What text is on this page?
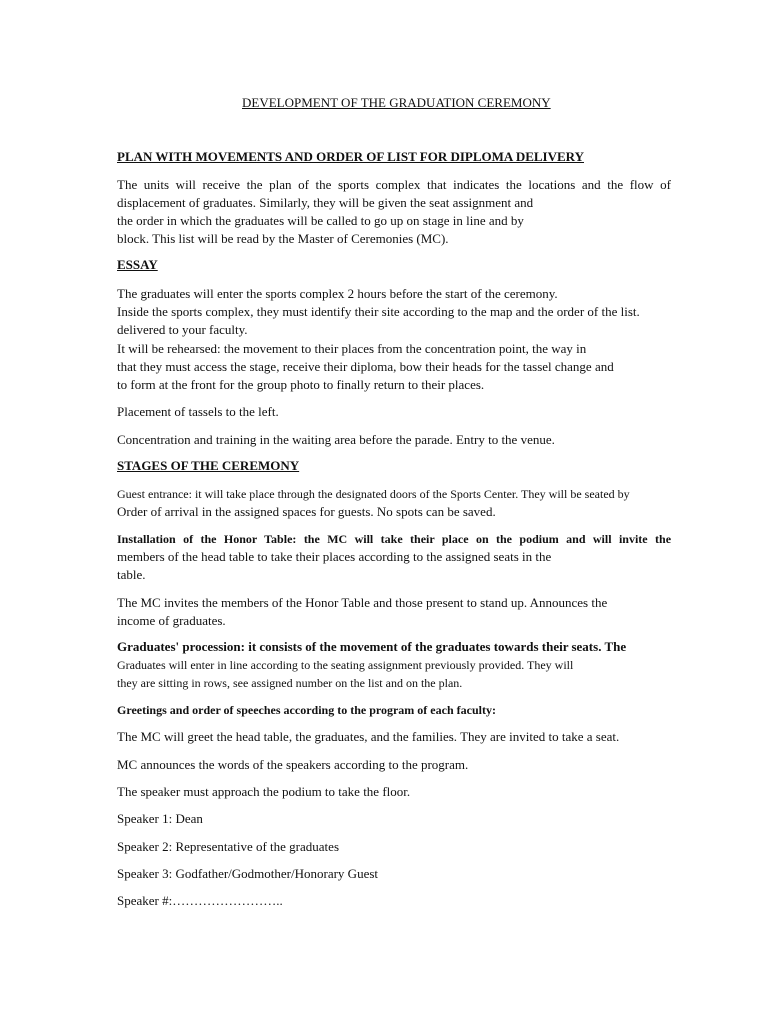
DEVELOPMENT OF THE GRADUATION CEREMONY
PLAN WITH MOVEMENTS AND ORDER OF LIST FOR DIPLOMA DELIVERY
The units will receive the plan of the sports complex that indicates the locations and the flow of
displacement of graduates. Similarly, they will be given the seat assignment and
the order in which the graduates will be called to go up on stage in line and by
block. This list will be read by the Master of Ceremonies (MC).
ESSAY
The graduates will enter the sports complex 2 hours before the start of the ceremony.
Inside the sports complex, they must identify their site according to the map and the order of the list.
delivered to your faculty.
It will be rehearsed: the movement to their places from the concentration point, the way in
that they must access the stage, receive their diploma, bow their heads for the tassel change and
to form at the front for the group photo to finally return to their places.
Placement of tassels to the left.
Concentration and training in the waiting area before the parade. Entry to the venue.
STAGES OF THE CEREMONY
Guest entrance: it will take place through the designated doors of the Sports Center. They will be seated by
Order of arrival in the assigned spaces for guests. No spots can be saved.
Installation of the Honor Table: the MC will take their place on the podium and will invite the
members of the head table to take their places according to the assigned seats in the
table.
The MC invites the members of the Honor Table and those present to stand up. Announces the
income of graduates.
Graduates' procession: it consists of the movement of the graduates towards their seats. The
Graduates will enter in line according to the seating assignment previously provided. They will
they are sitting in rows, see assigned number on the list and on the plan.
Greetings and order of speeches according to the program of each faculty:
The MC will greet the head table, the graduates, and the families. They are invited to take a seat.
MC announces the words of the speakers according to the program.
The speaker must approach the podium to take the floor.
Speaker 1: Dean
Speaker 2: Representative of the graduates
Speaker 3: Godfather/Godmother/Honorary Guest
Speaker #:……………………..
